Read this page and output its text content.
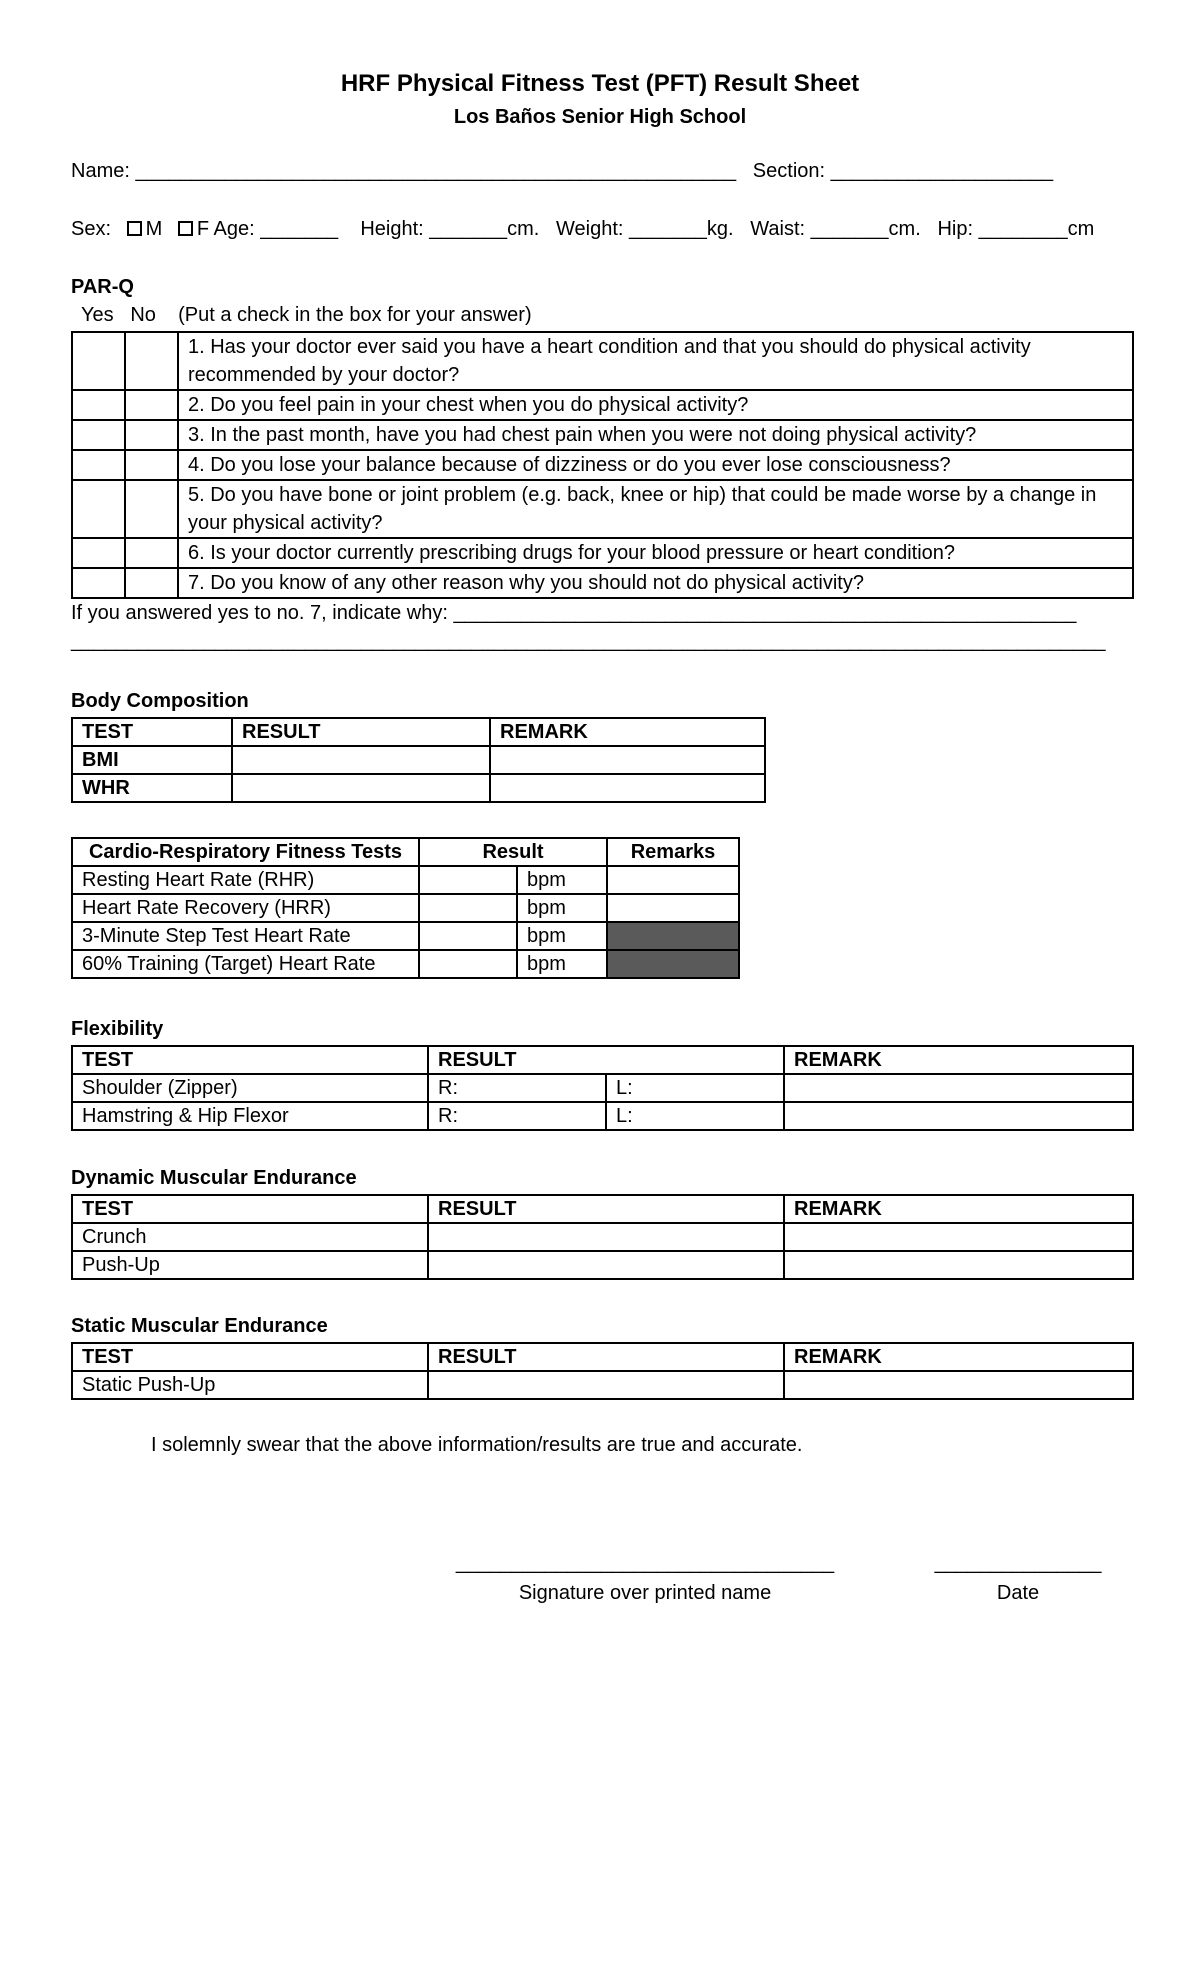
HRF Physical Fitness Test (PFT) Result Sheet
Los Baños Senior High School
Name: ______________________________________________________ Section: ____________________
Sex: M F Age: _______ Height: _______cm. Weight: _______kg. Waist: _______cm. Hip: ________cm
PAR-Q
Yes No (Put a check in the box for your answer)
		1. Has your doctor ever said you have a heart condition and that you should do physical activity recommended by your doctor?
		2. Do you feel pain in your chest when you do physical activity?
		3. In the past month, have you had chest pain when you were not doing physical activity?
		4. Do you lose your balance because of dizziness or do you ever lose consciousness?
		5. Do you have bone or joint problem (e.g. back, knee or hip) that could be made worse by a change in your physical activity?
		6. Is your doctor currently prescribing drugs for your blood pressure or heart condition?
		7. Do you know of any other reason why you should not do physical activity?
If you answered yes to no. 7, indicate why: ________________________________________________________
_____________________________________________________________________________________________
Body Composition
TEST	RESULT	REMARK
BMI		
WHR		
Cardio-Respiratory Fitness Tests	Result		Remarks
Resting Heart Rate (RHR)		bpm	
Heart Rate Recovery (HRR)		bpm	
3-Minute Step Test Heart Rate		bpm	
60% Training (Target) Heart Rate		bpm	
Flexibility
TEST	RESULT		REMARK
Shoulder (Zipper)	R:	L:	
Hamstring & Hip Flexor	R:	L:	
Dynamic Muscular Endurance
TEST	RESULT	REMARK
Crunch		
Push-Up		
Static Muscular Endurance
TEST	RESULT	REMARK
Static Push-Up		
I solemnly swear that the above information/results are true and accurate.
__________________________________
Signature over printed name
_______________
Date
